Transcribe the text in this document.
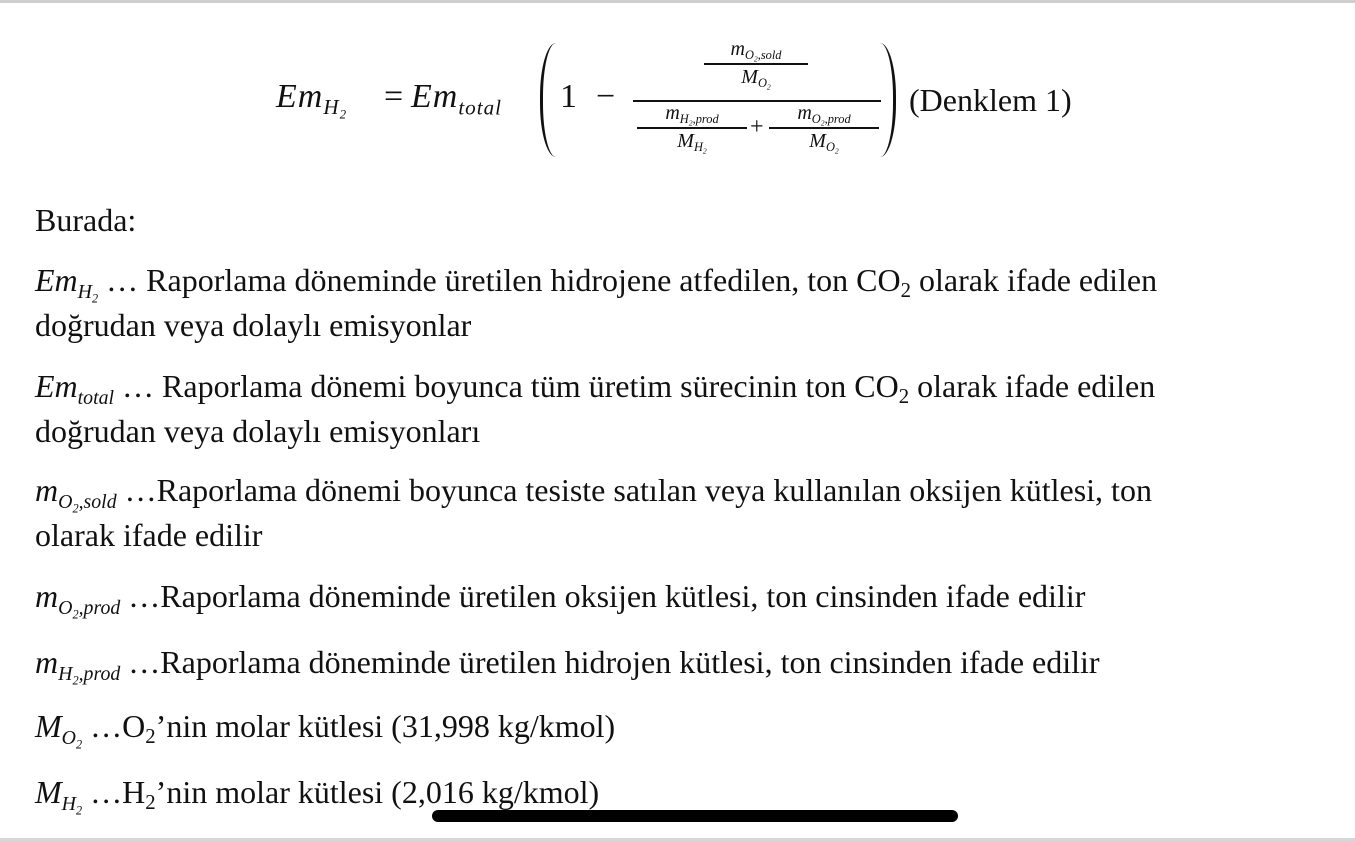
$Em_{H_2} = Em_{total}$ 1 −
$m_{O_2,sold}$
$M_{O_2}$
$m_{H_2,prod}$
$M_{H_2}$
+
$m_{O_2,prod}$
$M_{O_2}$
(Denklem 1)
Burada:
$Em_{H_2}$ … Raporlama döneminde üretilen hidrojene atfedilen, ton CO2 olarak ifade edilen
doğrudan veya dolaylı emisyonlar
$Em_{total}$ … Raporlama dönemi boyunca tüm üretim sürecinin ton CO2 olarak ifade edilen
doğrudan veya dolaylı emisyonları
$m_{O_2,sold}$ …Raporlama dönemi boyunca tesiste satılan veya kullanılan oksijen kütlesi, ton
olarak ifade edilir
$m_{O_2,prod}$ …Raporlama döneminde üretilen oksijen kütlesi, ton cinsinden ifade edilir
$m_{H_2,prod}$ …Raporlama döneminde üretilen hidrojen kütlesi, ton cinsinden ifade edilir
$M_{O_2}$ …O2’nin molar kütlesi (31,998 kg/kmol)
$M_{H_2}$ …H2’nin molar kütlesi (2,016 kg/kmol)
